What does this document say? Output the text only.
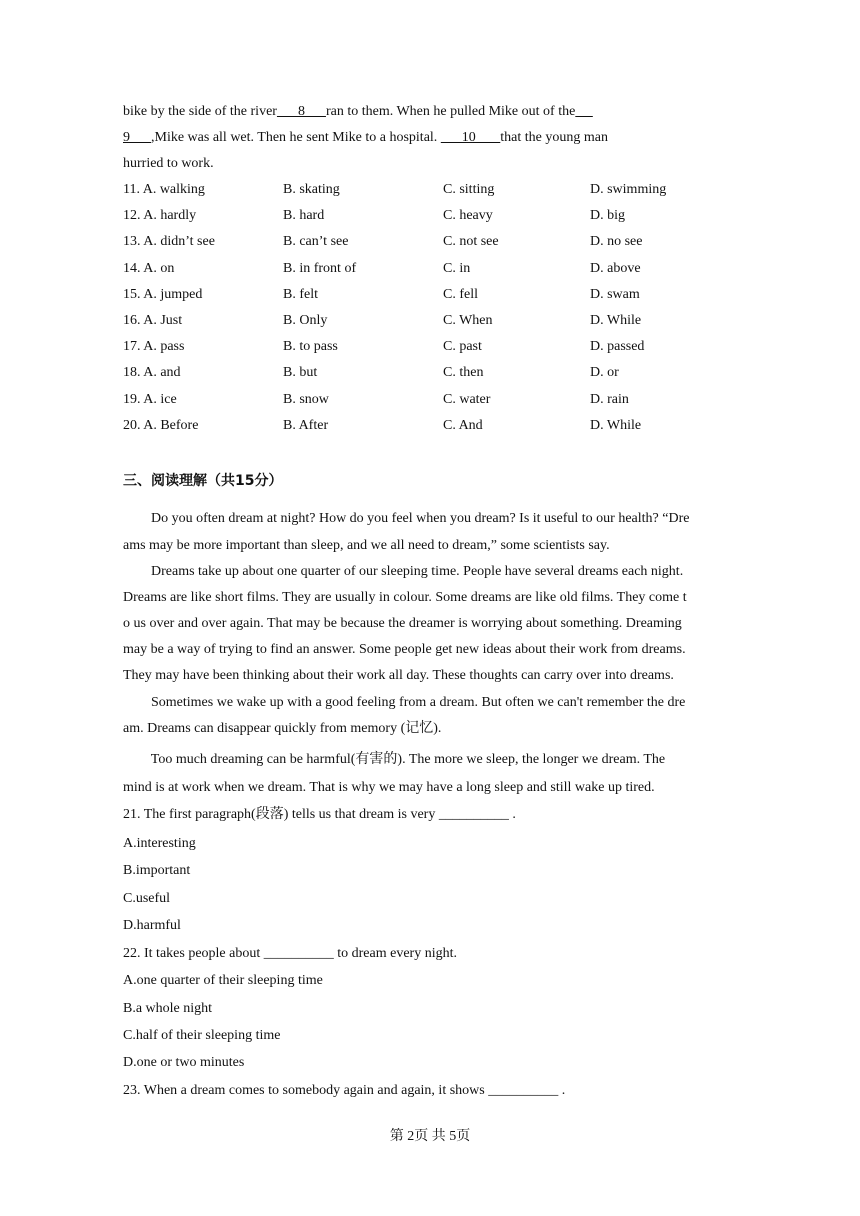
bike by the side of the river      8      ran to them. When he pulled Mike out of the
9      ,Mike was all wet. Then he sent Mike to a hospital.       10       that the young man
hurried to work.
11. A. walking	B. skating	C. sitting	D. swimming
12. A. hardly	B. hard	C. heavy	D. big
13. A. didn’t see	B. can’t see	C. not see	D. no see
14. A. on	B. in front of	C. in	D. above
15. A. jumped	B. felt	C. fell	D. swam
16. A. Just	B. Only	C. When	D. While
17. A. pass	B. to pass	C. past	D. passed
18. A. and	B. but	C. then	D. or
19. A. ice	B. snow	C. water	D. rain
20. A. Before	B. After	C. And	D. While
三、阅读理解（共15分）
Do you often dream at night? How do you feel when you dream? Is it useful to our health? “Dre
ams may be more important than sleep, and we all need to dream,” some scientists say.
Dreams take up about one quarter of our sleeping time. People have several dreams each night.
Dreams are like short films. They are usually in colour. Some dreams are like old films. They come t
o us over and over again. That may be because the dreamer is worrying about something. Dreaming
may be a way of trying to find an answer. Some people get new ideas about their work from dreams.
They may have been thinking about their work all day. These thoughts can carry over into dreams.
Sometimes we wake up with a good feeling from a dream. But often we can't remember the dre
am. Dreams can disappear quickly from memory (记忆).
Too much dreaming can be harmful(有害的). The more we sleep, the longer we dream. The
mind is at work when we dream. That is why we may have a long sleep and still wake up tired.
21. The first paragraph(段落) tells us that dream is very __________ .
A.interesting
B.important
C.useful
D.harmful
22. It takes people about __________ to dream every night.
A.one quarter of their sleeping time
B.a whole night
C.half of their sleeping time
D.one or two minutes
23. When a dream comes to somebody again and again, it shows __________ .
第 2页 共 5页
